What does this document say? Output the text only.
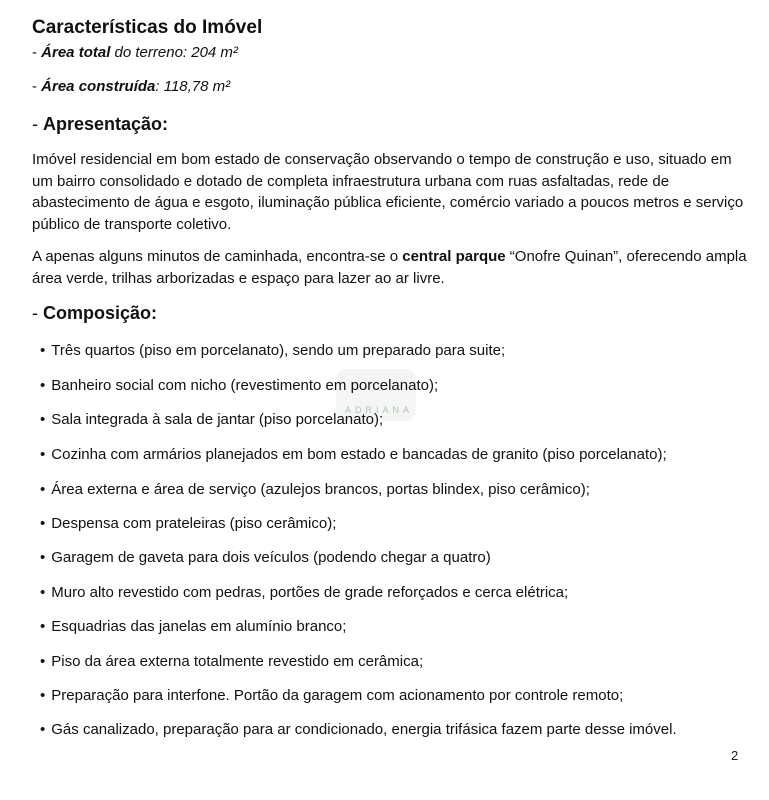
Características do Imóvel
- Área total do terreno: 204 m²
- Área construída: 118,78 m²
- Apresentação:
Imóvel residencial em bom estado de conservação observando o tempo de construção e uso, situado em um bairro consolidado e dotado de completa infraestrutura urbana com ruas asfaltadas, rede de abastecimento de água e esgoto, iluminação pública eficiente, comércio variado a poucos metros e serviço público de transporte coletivo.
A apenas alguns minutos de caminhada, encontra-se o central parque “Onofre Quinan”, oferecendo ampla área verde, trilhas arborizadas e espaço para lazer ao ar livre.
- Composição:
ADRIANA
• Três quartos (piso em porcelanato), sendo um preparado para suite;
• Banheiro social com nicho (revestimento em porcelanato);
• Sala integrada à sala de jantar (piso porcelanato);
• Cozinha com armários planejados em bom estado e bancadas de granito (piso porcelanato);
• Área externa e área de serviço (azulejos brancos, portas blindex, piso cerâmico);
• Despensa com prateleiras (piso cerâmico);
• Garagem de gaveta para dois veículos (podendo chegar a quatro)
• Muro alto revestido com pedras, portões de grade reforçados e cerca elétrica;
• Esquadrias das janelas em alumínio branco;
• Piso da área externa totalmente revestido em cerâmica;
• Preparação para interfone. Portão da garagem com acionamento por controle remoto;
• Gás canalizado, preparação para ar condicionado, energia trifásica fazem parte desse imóvel.
2
